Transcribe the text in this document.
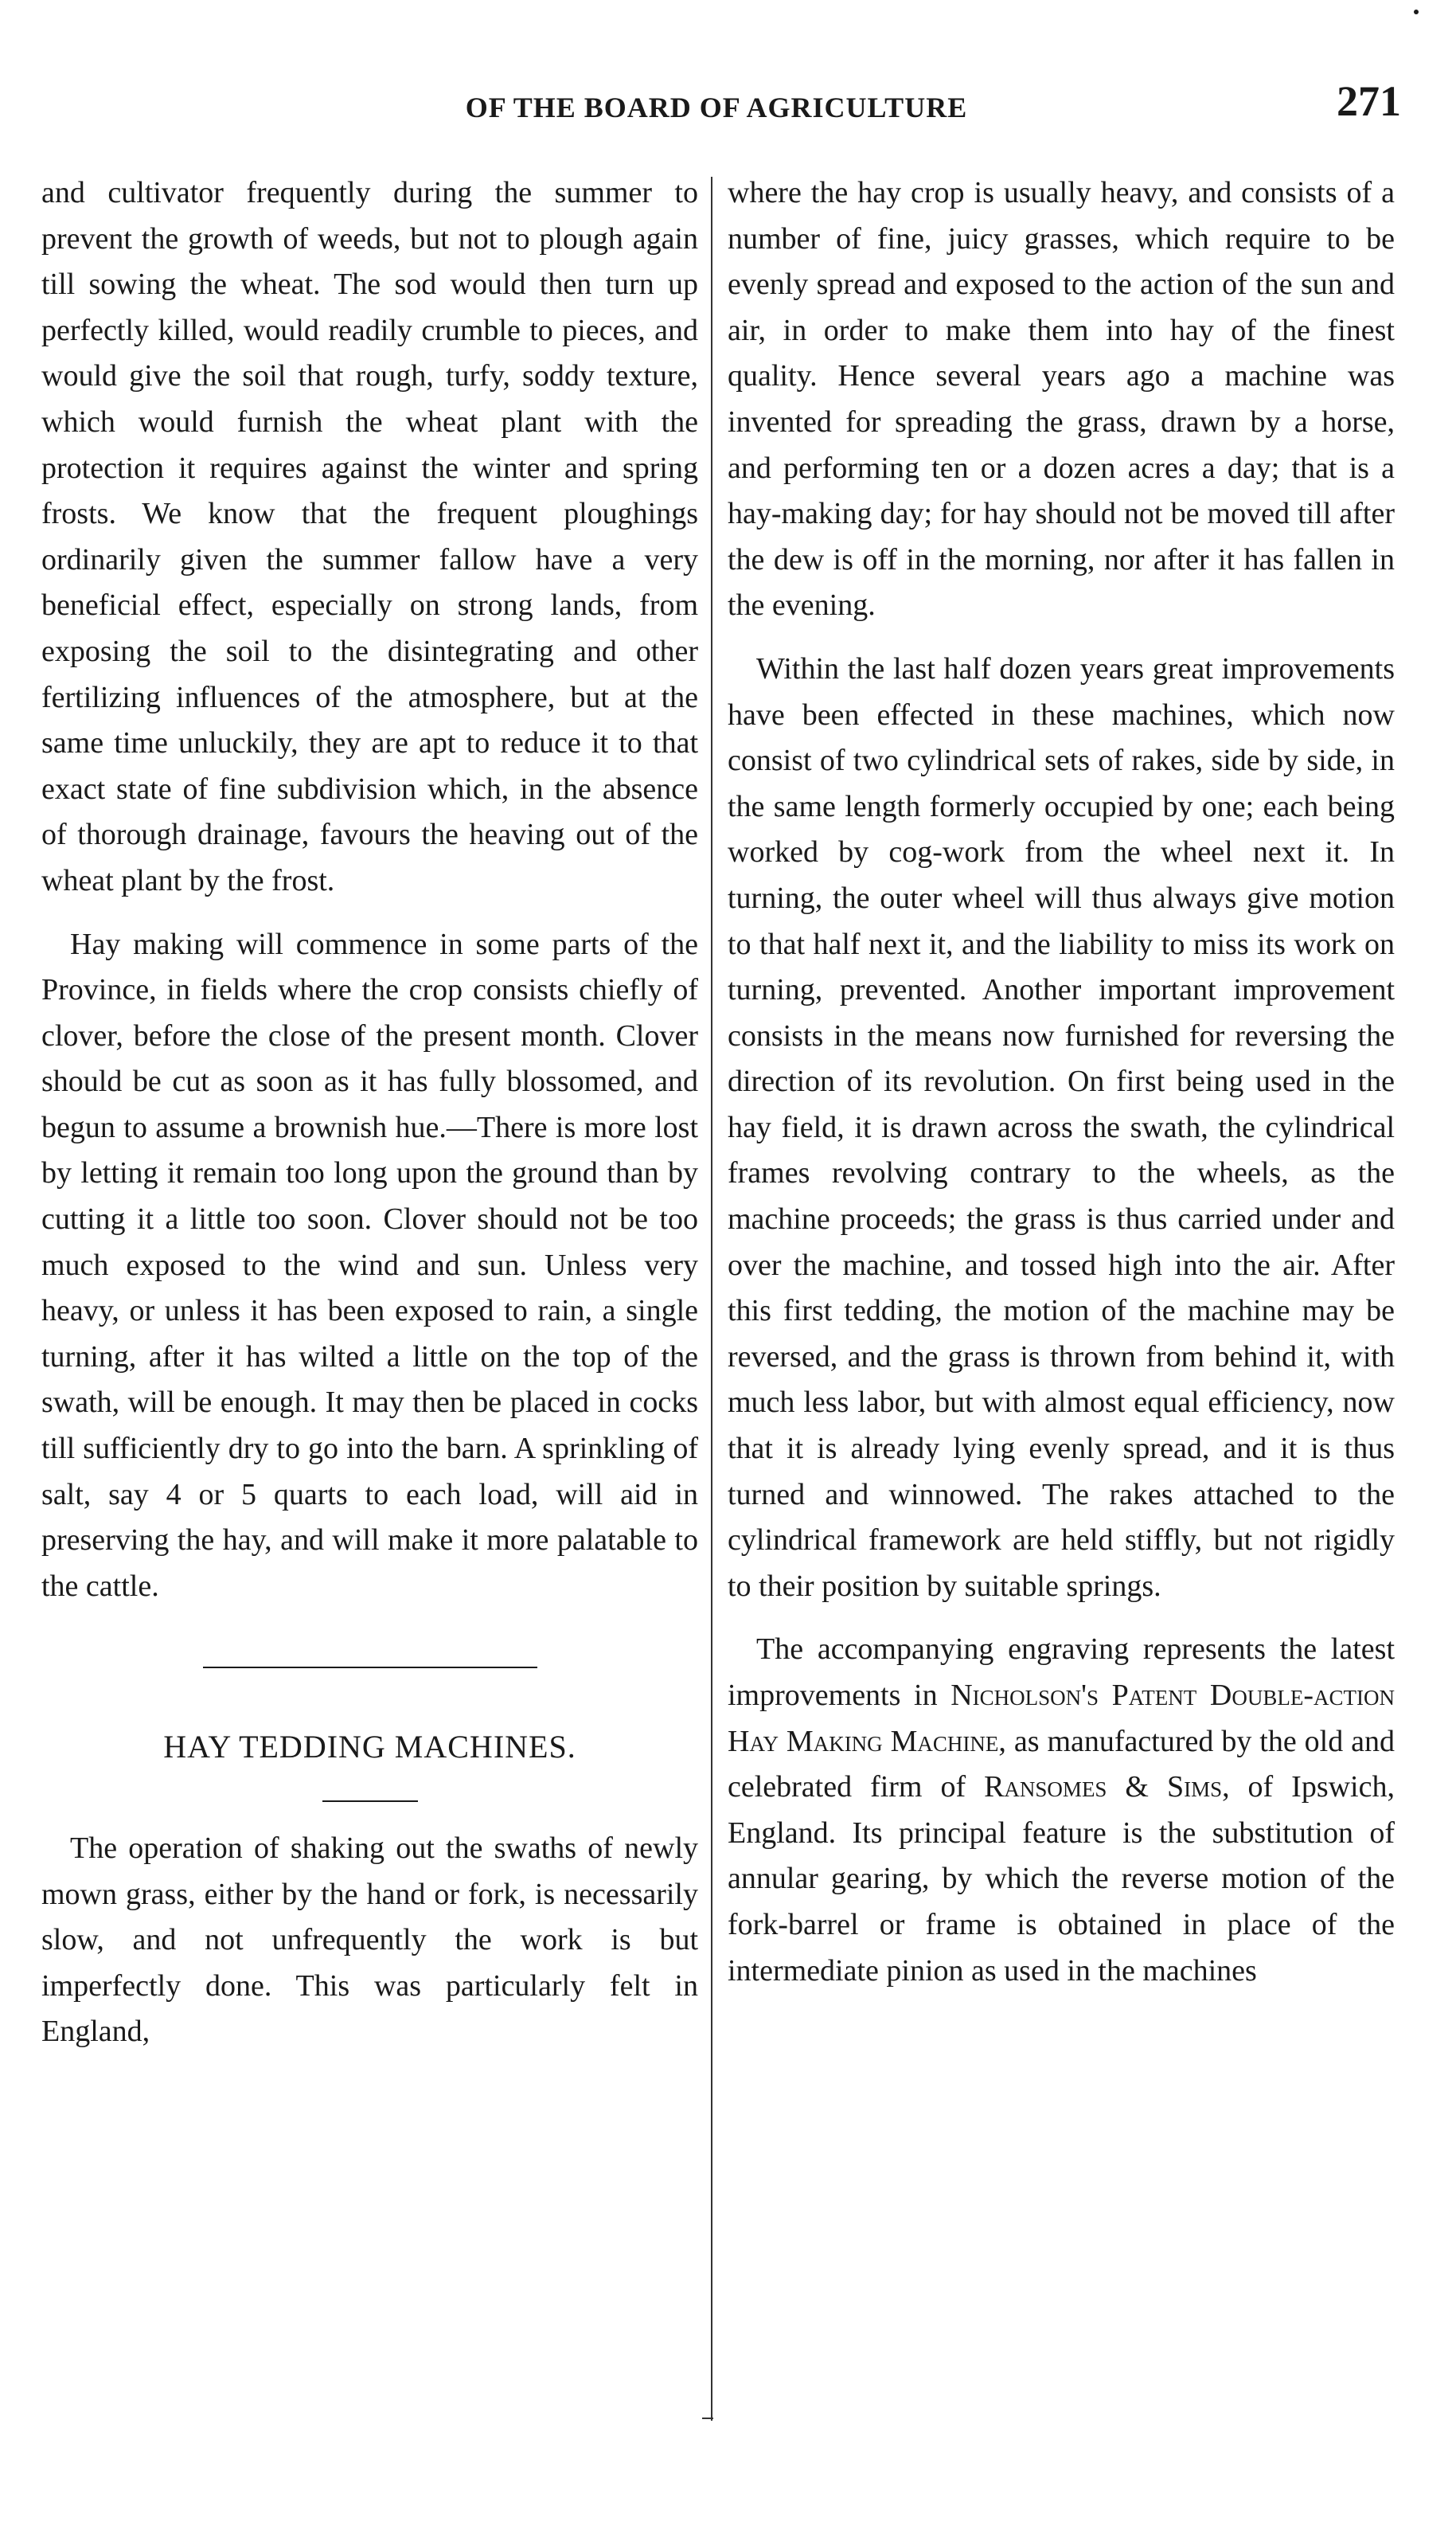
OF THE BOARD OF AGRICULTURE	271

and cultivator frequently during the summer to prevent the growth of weeds, but not to plough again till sowing the wheat. The sod would then turn up perfectly killed, would readily crumble to pieces, and would give the soil that rough, turfy, soddy texture, which would furnish the wheat plant with the protection it requires against the winter and spring frosts. We know that the frequent ploughings ordinarily given the summer fallow have a very beneficial effect, especially on strong lands, from exposing the soil to the disintegrating and other fertilizing influences of the atmosphere, but at the same time unluckily, they are apt to reduce it to that exact state of fine subdivision which, in the absence of thorough drainage, favours the heaving out of the wheat plant by the frost.

Hay making will commence in some parts of the Province, in fields where the crop consists chiefly of clover, before the close of the present month. Clover should be cut as soon as it has fully blossomed, and begun to assume a brownish hue.—There is more lost by letting it remain too long upon the ground than by cutting it a little too soon. Clover should not be too much exposed to the wind and sun. Unless very heavy, or unless it has been exposed to rain, a single turning, after it has wilted a little on the top of the swath, will be enough. It may then be placed in cocks till sufficiently dry to go into the barn. A sprinkling of salt, say 4 or 5 quarts to each load, will aid in preserving the hay, and will make it more palatable to the cattle.

HAY TEDDING MACHINES.

The operation of shaking out the swaths of newly mown grass, either by the hand or fork, is necessarily slow, and not unfrequently the work is but imperfectly done. This was particularly felt in England,

where the hay crop is usually heavy, and consists of a number of fine, juicy grasses, which require to be evenly spread and exposed to the action of the sun and air, in order to make them into hay of the finest quality. Hence several years ago a machine was invented for spreading the grass, drawn by a horse, and performing ten or a dozen acres a day; that is a hay-making day; for hay should not be moved till after the dew is off in the morning, nor after it has fallen in the evening.

Within the last half dozen years great improvements have been effected in these machines, which now consist of two cylindrical sets of rakes, side by side, in the same length formerly occupied by one; each being worked by cog-work from the wheel next it. In turning, the outer wheel will thus always give motion to that half next it, and the liability to miss its work on turning, prevented. Another important improvement consists in the means now furnished for reversing the direction of its revolution. On first being used in the hay field, it is drawn across the swath, the cylindrical frames revolving contrary to the wheels, as the machine proceeds; the grass is thus carried under and over the machine, and tossed high into the air. After this first tedding, the motion of the machine may be reversed, and the grass is thrown from behind it, with much less labor, but with almost equal efficiency, now that it is already lying evenly spread, and it is thus turned and winnowed. The rakes attached to the cylindrical framework are held stiffly, but not rigidly to their position by suitable springs.

The accompanying engraving represents the latest improvements in Nicholson's Patent Double-action Hay Making Machine, as manufactured by the old and celebrated firm of Ransomes & Sims, of Ipswich, England. Its principal feature is the substitution of annular gearing, by which the reverse motion of the fork-barrel or frame is obtained in place of the intermediate pinion as used in the machines
